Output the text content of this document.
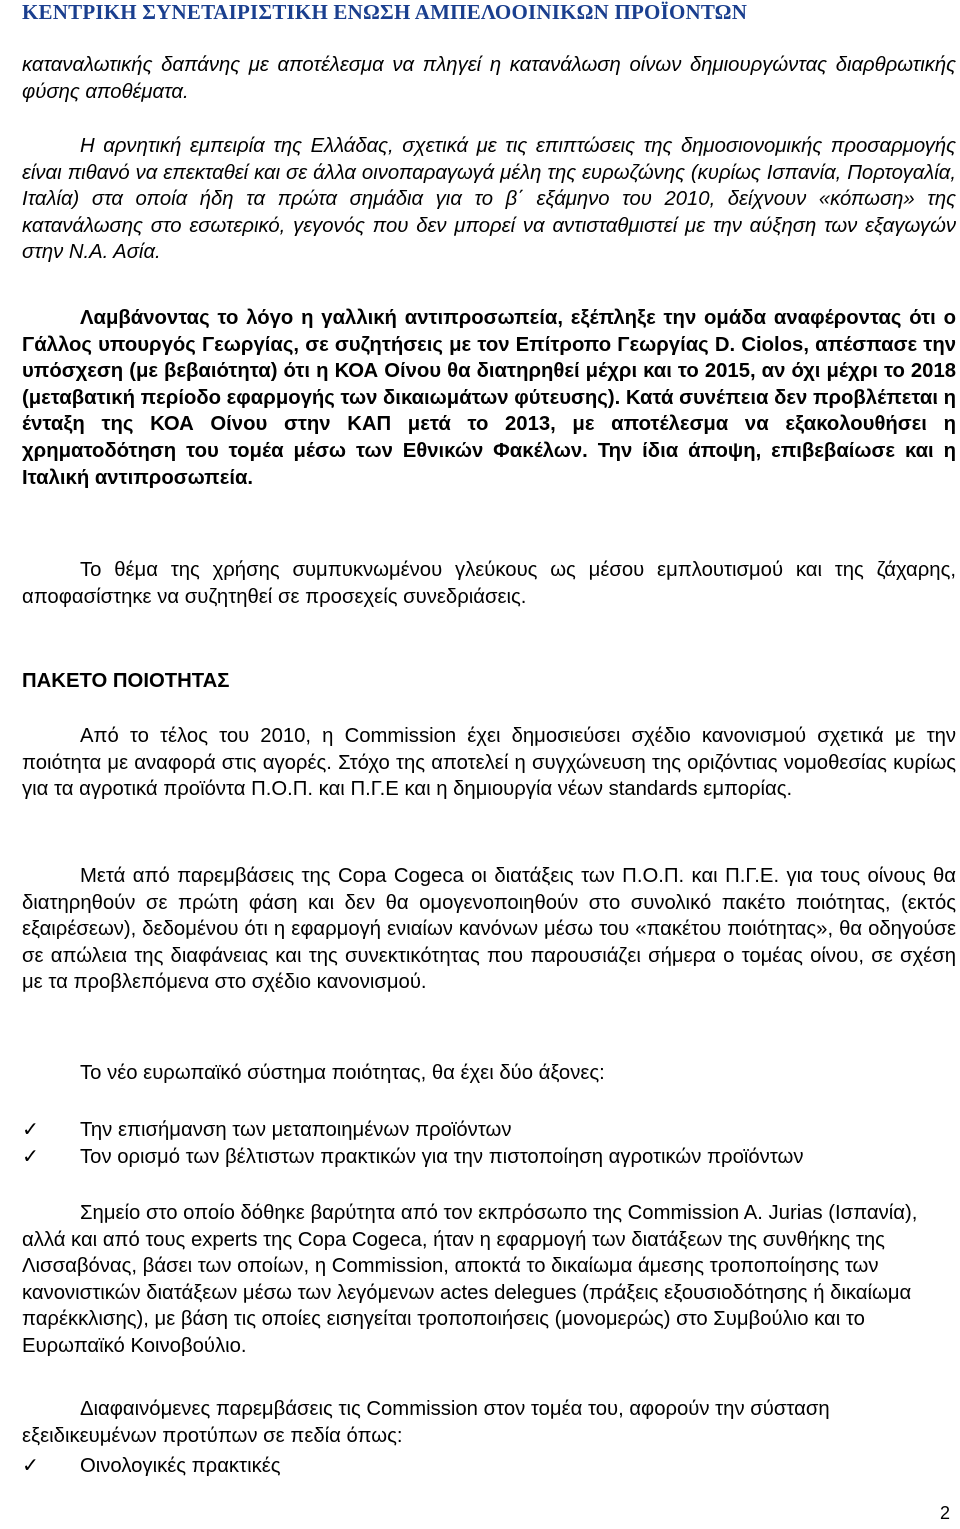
ΚΕΝΤΡΙΚΗ ΣΥΝΕΤΑΙΡΙΣΤΙΚΗ ΕΝΩΣΗ ΑΜΠΕΛΟΟΙΝΙΚΩΝ ΠΡΟΪΟΝΤΩΝ
καταναλωτικής δαπάνης με αποτέλεσμα να πληγεί η κατανάλωση οίνων δημιουργώντας διαρθρωτικής φύσης αποθέματα.
Η αρνητική εμπειρία της Ελλάδας, σχετικά με τις επιπτώσεις της δημοσιονομικής προσαρμογής είναι πιθανό να επεκταθεί και σε άλλα οινοπαραγωγά μέλη της ευρωζώνης (κυρίως Ισπανία, Πορτογαλία, Ιταλία) στα οποία ήδη τα πρώτα σημάδια για το β΄ εξάμηνο του 2010, δείχνουν «κόπωση» της κατανάλωσης στο εσωτερικό, γεγονός που δεν μπορεί να αντισταθμιστεί με την αύξηση των εξαγωγών στην Ν.Α. Ασία.
Λαμβάνοντας το λόγο η γαλλική αντιπροσωπεία, εξέπληξε την ομάδα αναφέροντας ότι ο Γάλλος υπουργός Γεωργίας, σε συζητήσεις με τον Επίτροπο Γεωργίας D. Ciolos, απέσπασε την υπόσχεση (με βεβαιότητα) ότι η ΚΟΑ Οίνου θα διατηρηθεί μέχρι και το 2015, αν όχι μέχρι το 2018 (μεταβατική περίοδο εφαρμογής των δικαιωμάτων φύτευσης). Κατά συνέπεια δεν προβλέπεται η ένταξη της ΚΟΑ Οίνου στην ΚΑΠ μετά το 2013, με αποτέλεσμα να εξακολουθήσει η χρηματοδότηση του τομέα μέσω των Εθνικών Φακέλων. Την ίδια άποψη, επιβεβαίωσε και η Ιταλική αντιπροσωπεία.
Το θέμα της χρήσης συμπυκνωμένου γλεύκους ως μέσου εμπλουτισμού και της ζάχαρης, αποφασίστηκε να συζητηθεί σε προσεχείς συνεδριάσεις.
ΠΑΚΕΤΟ ΠΟΙΟΤΗΤΑΣ
Από το τέλος του 2010, η Commission έχει δημοσιεύσει σχέδιο κανονισμού σχετικά με την ποιότητα με αναφορά στις αγορές. Στόχο της αποτελεί η συγχώνευση της οριζόντιας νομοθεσίας κυρίως για τα αγροτικά προϊόντα Π.Ο.Π. και Π.Γ.Ε και η δημιουργία νέων standards εμπορίας.
Μετά από παρεμβάσεις της Copa Cogeca οι διατάξεις των Π.Ο.Π. και Π.Γ.Ε. για τους οίνους θα διατηρηθούν σε πρώτη φάση και δεν θα ομογενοποιηθούν στο συνολικό πακέτο ποιότητας, (εκτός εξαιρέσεων), δεδομένου ότι η εφαρμογή ενιαίων κανόνων μέσω του «πακέτου ποιότητας», θα οδηγούσε σε απώλεια της διαφάνειας και της συνεκτικότητας που παρουσιάζει σήμερα ο τομέας οίνου, σε σχέση με τα προβλεπόμενα στο σχέδιο κανονισμού.
Το νέο ευρωπαϊκό σύστημα ποιότητας, θα έχει δύο άξονες:
✓ Την επισήμανση των μεταποιημένων προϊόντων
✓ Τον ορισμό των βέλτιστων πρακτικών για την πιστοποίηση αγροτικών προϊόντων
Σημείο στο οποίο δόθηκε βαρύτητα από τον εκπρόσωπο της Commission A. Jurias (Ισπανία), αλλά και από τους experts της Copa Cogeca, ήταν η εφαρμογή των διατάξεων της συνθήκης της Λισσαβόνας, βάσει των οποίων, η Commission, αποκτά το δικαίωμα άμεσης τροποποίησης των κανονιστικών διατάξεων μέσω των λεγόμενων actes delegues (πράξεις εξουσιοδότησης ή δικαίωμα παρέκκλισης), με βάση τις οποίες εισηγείται τροποποιήσεις (μονομερώς) στο Συμβούλιο και το Ευρωπαϊκό Κοινοβούλιο.
Διαφαινόμενες παρεμβάσεις τις Commission στον τομέα του, αφορούν την σύσταση εξειδικευμένων προτύπων σε πεδία όπως:
✓ Οινολογικές πρακτικές
2
